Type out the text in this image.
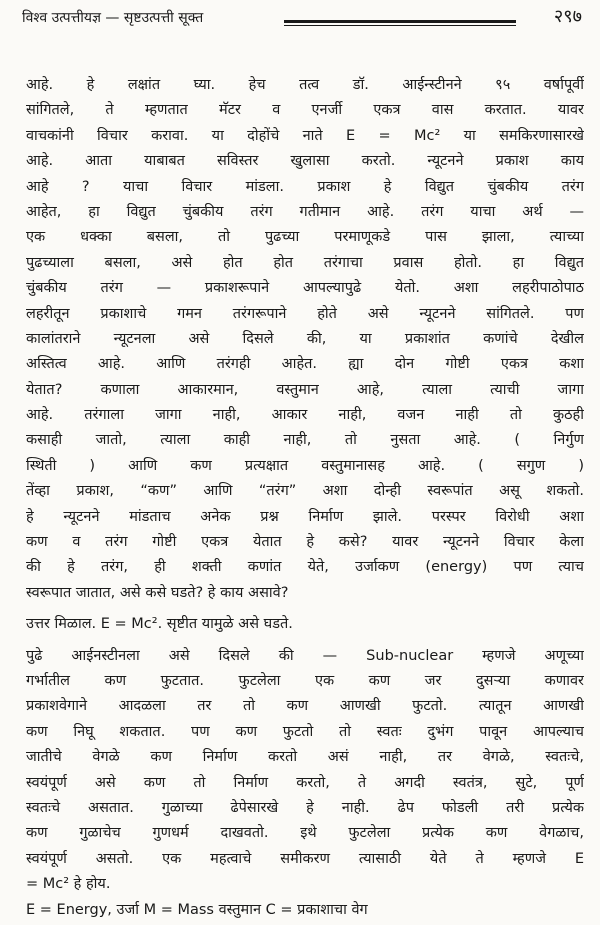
विश्व उत्पत्तीयज्ञ — सृष्टउत्पत्ती सूक्त	२९७
आहे. हे लक्षांत घ्या. हेच तत्व डॉ. आईन्स्टीनने ९५ वर्षापूर्वी
सांगितले, ते म्हणतात मॅटर व एनर्जी एकत्र वास करतात. यावर
वाचकांनी विचार करावा. या दोहोंचे नाते E = Mc² या समकिरणासारखे
आहे. आता याबाबत सविस्तर खुलासा करतो. न्यूटनने प्रकाश काय
आहे ? याचा विचार मांडला. प्रकाश हे विद्युत चुंबकीय तरंग
आहेत, हा विद्युत चुंबकीय तरंग गतीमान आहे. तरंग याचा अर्थ —
एक धक्का बसला, तो पुढच्या परमाणूकडे पास झाला, त्याच्या
पुढच्याला बसला, असे होत होत तरंगाचा प्रवास होतो. हा विद्युत
चुंबकीय तरंग — प्रकाशरूपाने आपल्यापुढे येतो. अशा लहरीपाठोपाठ
लहरीतून प्रकाशाचे गमन तरंगरूपाने होते असे न्यूटनने सांगितले. पण
कालांतराने न्यूटनला असे दिसले की, या प्रकाशांत कणांचे देखील
अस्तित्व आहे. आणि तरंगही आहेत. ह्या दोन गोष्टी एकत्र कशा
येतात? कणाला आकारमान, वस्तुमान आहे, त्याला त्याची जागा
आहे. तरंगाला जागा नाही, आकार नाही, वजन नाही तो कुठही
कसाही जातो, त्याला काही नाही, तो नुसता आहे. ( निर्गुण
स्थिती ) आणि कण प्रत्यक्षात वस्तुमानासह आहे. ( सगुण )
तेंव्हा प्रकाश, “कण” आणि “तरंग” अशा दोन्ही स्वरूपांत असू शकतो.
हे न्यूटनने मांडताच अनेक प्रश्न निर्माण झाले. परस्पर विरोधी अशा
कण व तरंग गोष्टी एकत्र येतात हे कसे? यावर न्यूटनने विचार केला
की हे तरंग, ही शक्ती कणांत येते, उर्जाकण (energy) पण त्याच
स्वरूपात जातात, असे कसे घडते? हे काय असावे?
उत्तर मिळाल. E = Mc². सृष्टीत यामुळे असे घडते.
पुढे आईनस्टीनला असे दिसले की — Sub-nuclear म्हणजे अणूच्या
गर्भातील कण फुटतात. फुटलेला एक कण जर दुसऱ्या कणावर
प्रकाशवेगाने आदळला तर तो कण आणखी फुटतो. त्यातून आणखी
कण निघू शकतात. पण कण फुटतो तो स्वतः दुभंग पावून आपल्याच
जातीचे वेगळे कण निर्माण करतो असं नाही, तर वेगळे, स्वतःचे,
स्वयंपूर्ण असे कण तो निर्माण करतो, ते अगदी स्वतंत्र, सुटे, पूर्ण
स्वतःचे असतात. गुळाच्या ढेपेसारखे हे नाही. ढेप फोडली तरी प्रत्येक
कण गुळाचेच गुणधर्म दाखवतो. इथे फुटलेला प्रत्येक कण वेगळाच,
स्वयंपूर्ण असतो. एक महत्वाचे समीकरण त्यासाठी येते ते म्हणजे E
= Mc² हे होय.
E = Energy, उर्जा M = Mass वस्तुमान C = प्रकाशाचा वेग
